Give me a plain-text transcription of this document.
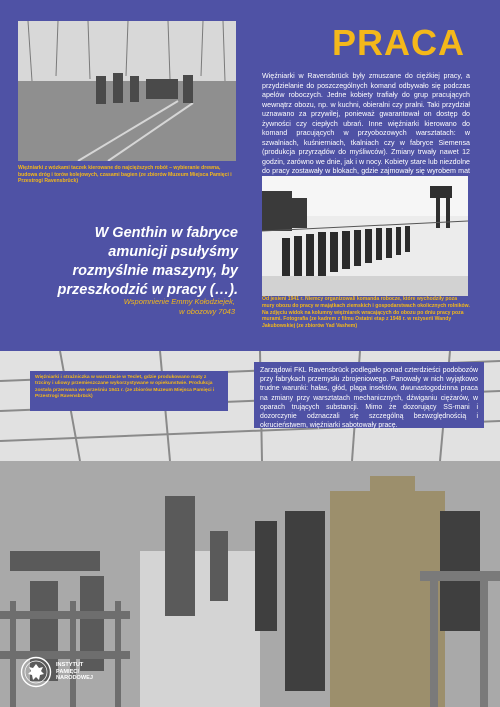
PRACA
Więźniarki w Ravensbrück były zmuszane do ciężkiej pracy, a przydzielanie do poszczególnych komand odbywało się podczas apelów roboczych. Jedne kobiety trafiały do grup pracujących wewnątrz obozu, np. w kuchni, obieralni czy pralni. Taki przydział uznawano za przywilej, ponieważ gwarantował on dostęp do żywności czy ciepłych ubrań. Inne więźniarki kierowano do komand pracujących w przyobozowych warsztatach: w szwalniach, kuśnierniach, tkalniach czy w fabryce Siemensa (produkcja przyrządów do myśliwców). Zmiany trwały nawet 12 godzin, zarówno we dnie, jak i w nocy. Kobiety stare lub niezdolne do pracy zostawały w blokach, gdzie zajmowały się wyrobem mat
Więźniarki z wózkami taczek kierowane do najcięższych robót – wybieranie drewna, budowa dróg i torów kolejowych, czasami bagien (ze zbiorów Muzeum Miejsca Pamięci i Przestrogi Ravensbrück)
W Genthin w fabryce amunicji psułyśmy rozmyślnie maszyny, by przeszkodzić w pracy (…).
Wspomnienie Emmy Kołodziejek,
w obozowy 7043
Od jesieni 1941 r. Niemcy organizowali komanda robocze, które wychodziły poza mury obozu do pracy w majątkach ziemskich i gospodarstwach okolicznych rolników. Na zdjęciu widok na kolumny więźniarek wracających do obozu po dniu pracy poza murami. Fotografia (ze kadrem z filmu Ostatni etap z 1948 r. w reżyserii Wandy Jakubowskiej (ze zbiorów Yad Vashem)
Więźniarki i strażniczka w warsztacie w Teclet, gdzie produkowano maty z trzciny i uliowy przemieszczane wykorzystywane w opiekunstwie. Produkcja została przerwana we wrześniu 1941 r. (ze zbiorów Muzeum Miejsca Pamięci i Przestrogi Ravensbrück)
Zarządowi FKL Ravensbrück podlegało ponad czterdzieści podobozów przy fabrykach przemysłu zbrojeniowego. Panowały w nich wyjątkowo trudne warunki: hałas, głód, plaga insektów, dwunastogodzinna praca na zmiany przy warsztatach mechanicznych, dźwiganiu ciężarów, w oparach trujących substancji. Mimo że dozorujący SS-mani i dozorczynie odznaczali się szczególną bezwzględnością i okrucieństwem, więźniarki sabotowały pracę.
INSTYTUT
PAMIĘCI
NARODOWEJ
